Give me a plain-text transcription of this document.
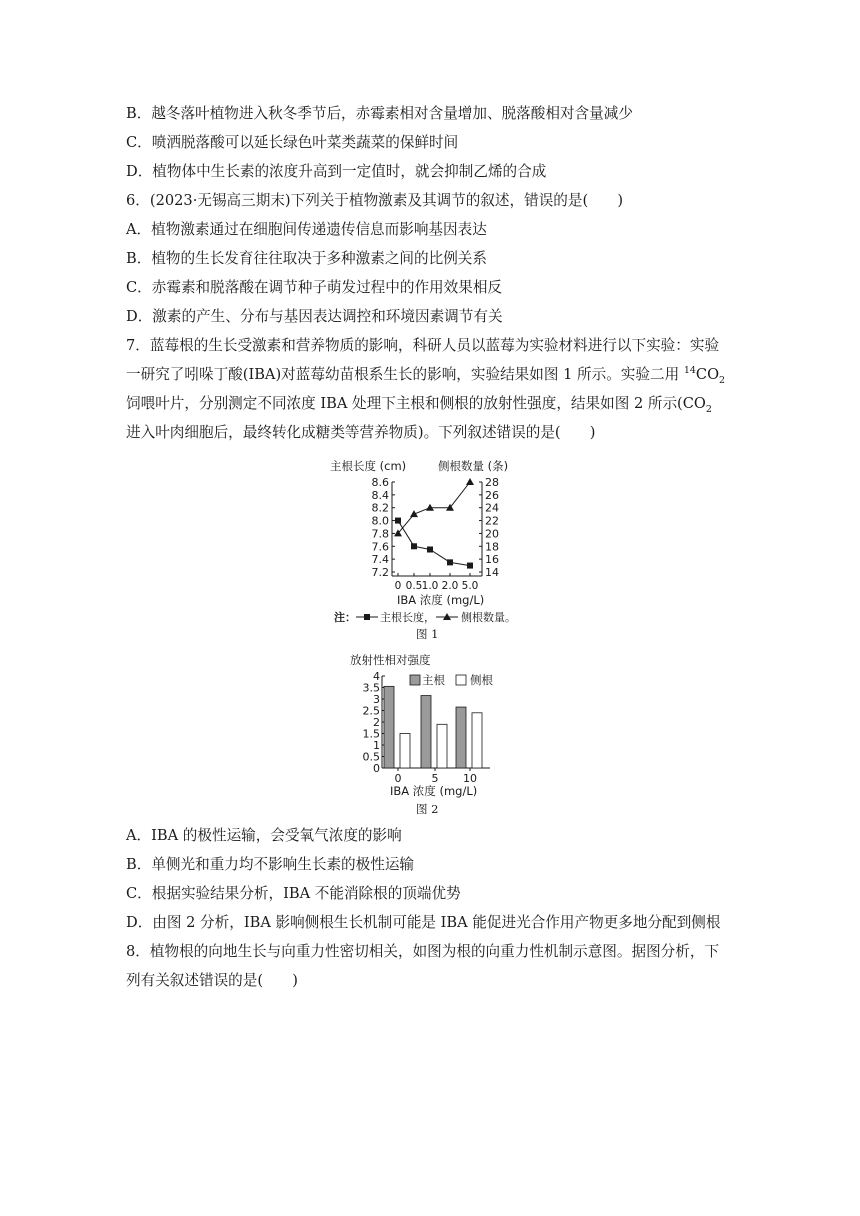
B．越冬落叶植物进入秋冬季节后，赤霉素相对含量增加、脱落酸相对含量减少
C．喷洒脱落酸可以延长绿色叶菜类蔬菜的保鲜时间
D．植物体中生长素的浓度升高到一定值时，就会抑制乙烯的合成
6．(2023·无锡高三期末)下列关于植物激素及其调节的叙述，错误的是(　　)
A．植物激素通过在细胞间传递遗传信息而影响基因表达
B．植物的生长发育往往取决于多种激素之间的比例关系
C．赤霉素和脱落酸在调节种子萌发过程中的作用效果相反
D．激素的产生、分布与基因表达调控和环境因素调节有关
7．蓝莓根的生长受激素和营养物质的影响，科研人员以蓝莓为实验材料进行以下实验：实验
一研究了吲哚丁酸(IBA)对蓝莓幼苗根系生长的影响，实验结果如图 1 所示。实验二用 $^{14}CO_2$
饲喂叶片，分别测定不同浓度 IBA 处理下主根和侧根的放射性强度，结果如图 2 所示($CO_2$
进入叶肉细胞后，最终转化成糖类等营养物质)。下列叙述错误的是(　　)
主根长度 (cm)	侧根数量 (条)
7.2
7.4
7.6
7.8
8.0
8.2
8.4
8.6
14
16
18
20
22
24
26
28
0 0.5 1.0 2.0 5.0
IBA 浓度 (mg/L)
注： 主根长度， 侧根数量。
图 1
放射性相对强度
主根 侧根
0
0.5
1
1.5
2
2.5
3
3.5
4
0	5 10
IBA 浓度 (mg/L)
图 2
A．IBA 的极性运输，会受氧气浓度的影响
B．单侧光和重力均不影响生长素的极性运输
C．根据实验结果分析，IBA 不能消除根的顶端优势
D．由图 2 分析，IBA 影响侧根生长机制可能是 IBA 能促进光合作用产物更多地分配到侧根
8．植物根的向地生长与向重力性密切相关，如图为根的向重力性机制示意图。据图分析，下
列有关叙述错误的是(　　)
